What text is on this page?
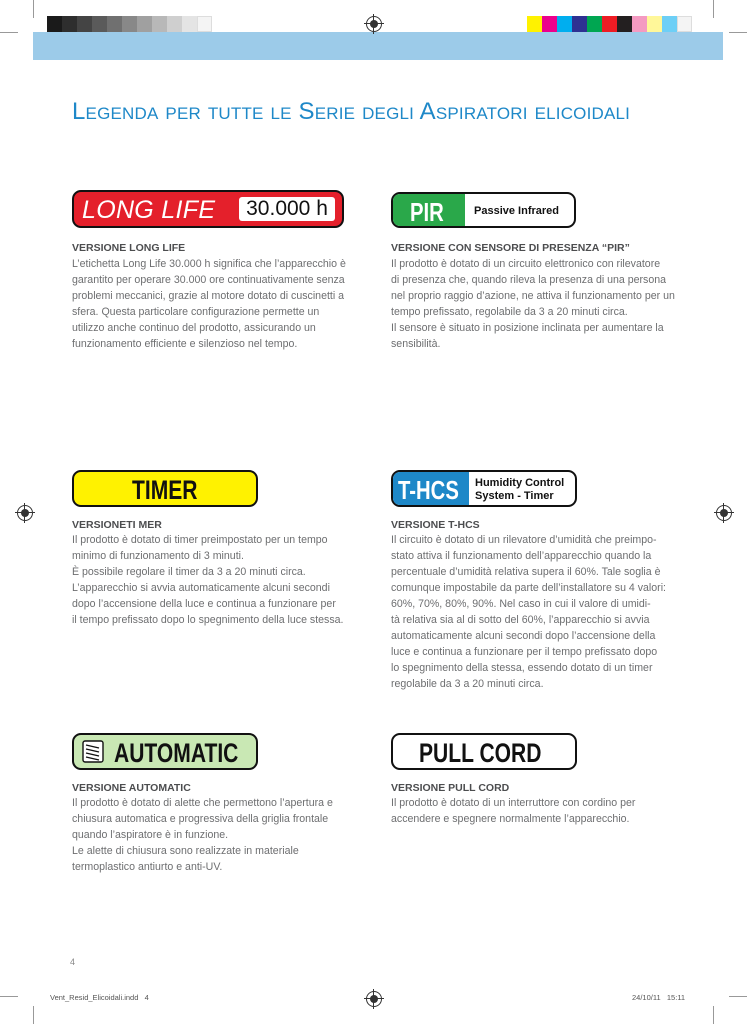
Legenda per tutte le Serie degli Aspiratori elicoidali
LONG LIFE	30.000 h	PIR	Passive Infrared
VERSIONE LONG LIFE

L’etichetta Long Life 30.000 h significa che l’apparecchio è
garantito per operare 30.000 ore continuativamente senza
problemi meccanici, grazie al motore dotato di cuscinetti a
sfera. Questa particolare configurazione permette un
utilizzo anche continuo del prodotto, assicurando un
funzionamento efficiente e silenzioso nel tempo.

VERSIONE CON SENSORE DI PRESENZA “PIR”

Il prodotto è dotato di un circuito elettronico con rilevatore
di presenza che, quando rileva la presenza di una persona
nel proprio raggio d’azione, ne attiva il funzionamento per un
tempo prefissato, regolabile da 3 a 20 minuti circa.
Il sensore è situato in posizione inclinata per aumentare la
sensibilità.

TIMER	T-HCS Humidity Control
System - Timer
VERSIONETI MER

Il prodotto è dotato di timer preimpostato per un tempo
minimo di funzionamento di 3 minuti.
È possibile regolare il timer da 3 a 20 minuti circa.
L’apparecchio si avvia automaticamente alcuni secondi
dopo l’accensione della luce e continua a funzionare per
il tempo prefissato dopo lo spegnimento della luce stessa.

VERSIONE T-HCS

Il circuito è dotato di un rilevatore d’umidità che preimpo-
stato attiva il funzionamento dell’apparecchio quando la
percentuale d’umidità relativa supera il 60%. Tale soglia è
comunque impostabile da parte dell’installatore su 4 valori:
60%, 70%, 80%, 90%. Nel caso in cui il valore di umidi-
tà relativa sia al di sotto del 60%, l’apparecchio si avvia
automaticamente alcuni secondi dopo l’accensione della
luce e continua a funzionare per il tempo prefissato dopo
lo spegnimento della stessa, essendo dotato di un timer
regolabile da 3 a 20 minuti circa.

AUTOMATIC	PULL CORD
VERSIONE AUTOMATIC

Il prodotto è dotato di alette che permettono l’apertura e
chiusura automatica e progressiva della griglia frontale
quando l’aspiratore è in funzione.
Le alette di chiusura sono realizzate in materiale
termoplastico antiurto e anti-UV.

VERSIONE PULL CORD

Il prodotto è dotato di un interruttore con cordino per
accendere e spegnere normalmente l’apparecchio.

4
Vent_Resid_Elicoidali.indd   4	24/10/11   15:11
